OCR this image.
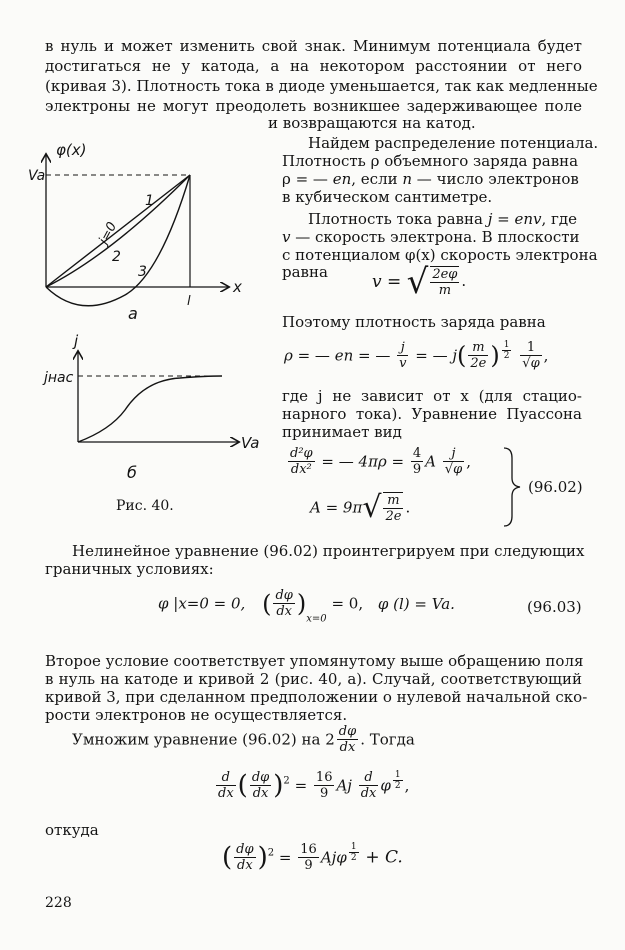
в нуль и может изменить свой знак. Минимум потенциала будет
достигаться не у катода, а на некотором расстоянии от него
(кривая 3). Плотность тока в диоде уменьшается, так как медленные
электроны не могут преодолеть возникшее задерживающее поле
и возвращаются на катод.
Найдем распределение потенциала.
Плотность ρ объемного заряда равна
ρ = — en, если n — число электронов
в кубическом сантиметре.
Плотность тока равна j = env, где
v — скорость электрона. В плоскости
с потенциалом φ(x) скорость электрона
равна	v = √ $\frac{2e\varphi}{m}$ .
Поэтому плотность заряда равна
ρ = — en = — $\frac{j}{v}$ = — $j( \frac{m}{2e}$ ) $\frac{1}{2}$
$\frac{1}{√\varphi}$ ,
где j не зависит от x (для стацио-
нарного тока). Уравнение Пуассона
принимает вид
$\frac{\text{d²φ}}{\text{dx²}}$ = — $4\pi\rho = \frac{4}{9}$ A $\frac{j}{√\varphi}$ ,
$A = 9\pi√ \frac{m}{2e}$ .
(96.02)
φ(x)
Va
x
l
1
2
3
j=0
а
j
jнас
Va
б
Рис. 40.
Нелинейное уравнение (96.02) проинтегрируем при следующих
граничных условиях:
φ |x=0 = 0, ( $\frac{d\varphi}{dx} )_{x=0} = 0$, φ (l) = Va.	(96.03)
Второе условие соответствует упомянутому выше обращению поля
в нуль на катоде и кривой 2 (рис. 40, а). Случай, соответствующий
кривой 3, при сделанном предположении о нулевой начальной ско-
рости электронов не осуществляется.
Умножим уравнение (96.02) на $2 \frac{d\varphi}{dx}$ . Тогда
$\frac{d}{dx}$ ( $\frac{d\varphi}{dx} )^2 = \frac{16}{9}$ Aj $\frac{d}{dx}$ φ $\frac{1}{2}$ ,
откуда
( $\frac{d\varphi}{dx} )^2 = \frac{16}{9}$ Ajφ $\frac{1}{2} + C$.
228
